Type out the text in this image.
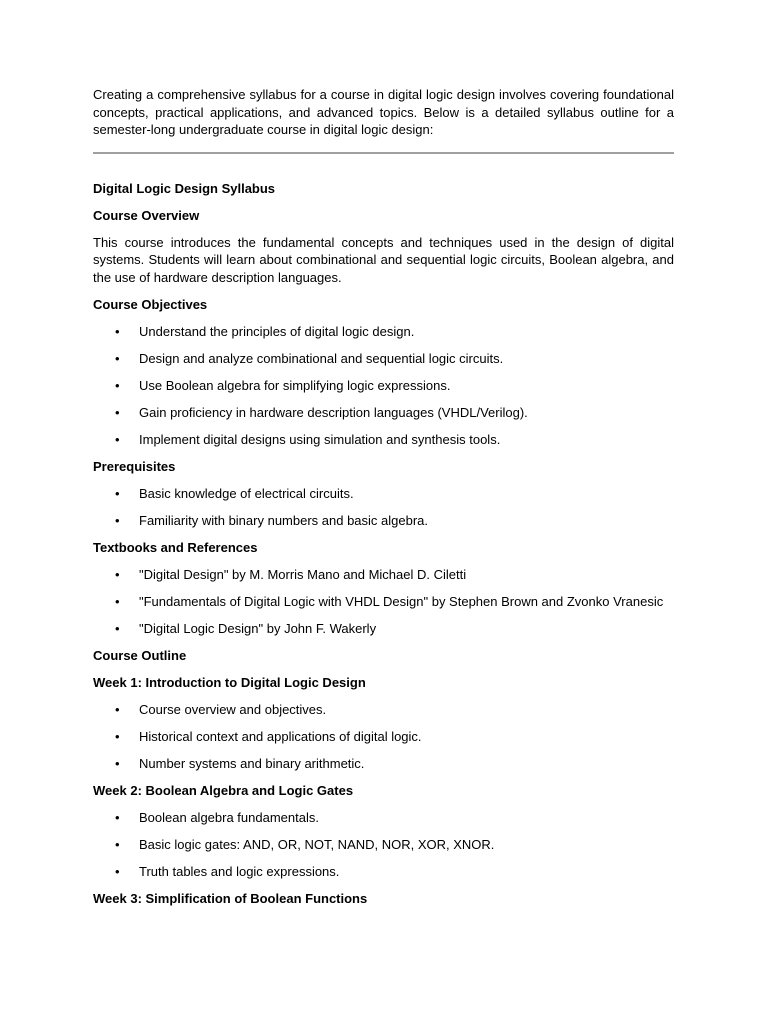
Creating a comprehensive syllabus for a course in digital logic design involves covering foundational concepts, practical applications, and advanced topics. Below is a detailed syllabus outline for a semester-long undergraduate course in digital logic design:

Digital Logic Design Syllabus

Course Overview

This course introduces the fundamental concepts and techniques used in the design of digital systems. Students will learn about combinational and sequential logic circuits, Boolean algebra, and the use of hardware description languages.

Course Objectives

• Understand the principles of digital logic design.
• Design and analyze combinational and sequential logic circuits.
• Use Boolean algebra for simplifying logic expressions.
• Gain proficiency in hardware description languages (VHDL/Verilog).
• Implement digital designs using simulation and synthesis tools.

Prerequisites

• Basic knowledge of electrical circuits.
• Familiarity with binary numbers and basic algebra.

Textbooks and References

• "Digital Design" by M. Morris Mano and Michael D. Ciletti
• "Fundamentals of Digital Logic with VHDL Design" by Stephen Brown and Zvonko Vranesic
• "Digital Logic Design" by John F. Wakerly

Course Outline

Week 1: Introduction to Digital Logic Design

• Course overview and objectives.
• Historical context and applications of digital logic.
• Number systems and binary arithmetic.

Week 2: Boolean Algebra and Logic Gates

• Boolean algebra fundamentals.
• Basic logic gates: AND, OR, NOT, NAND, NOR, XOR, XNOR.
• Truth tables and logic expressions.

Week 3: Simplification of Boolean Functions
